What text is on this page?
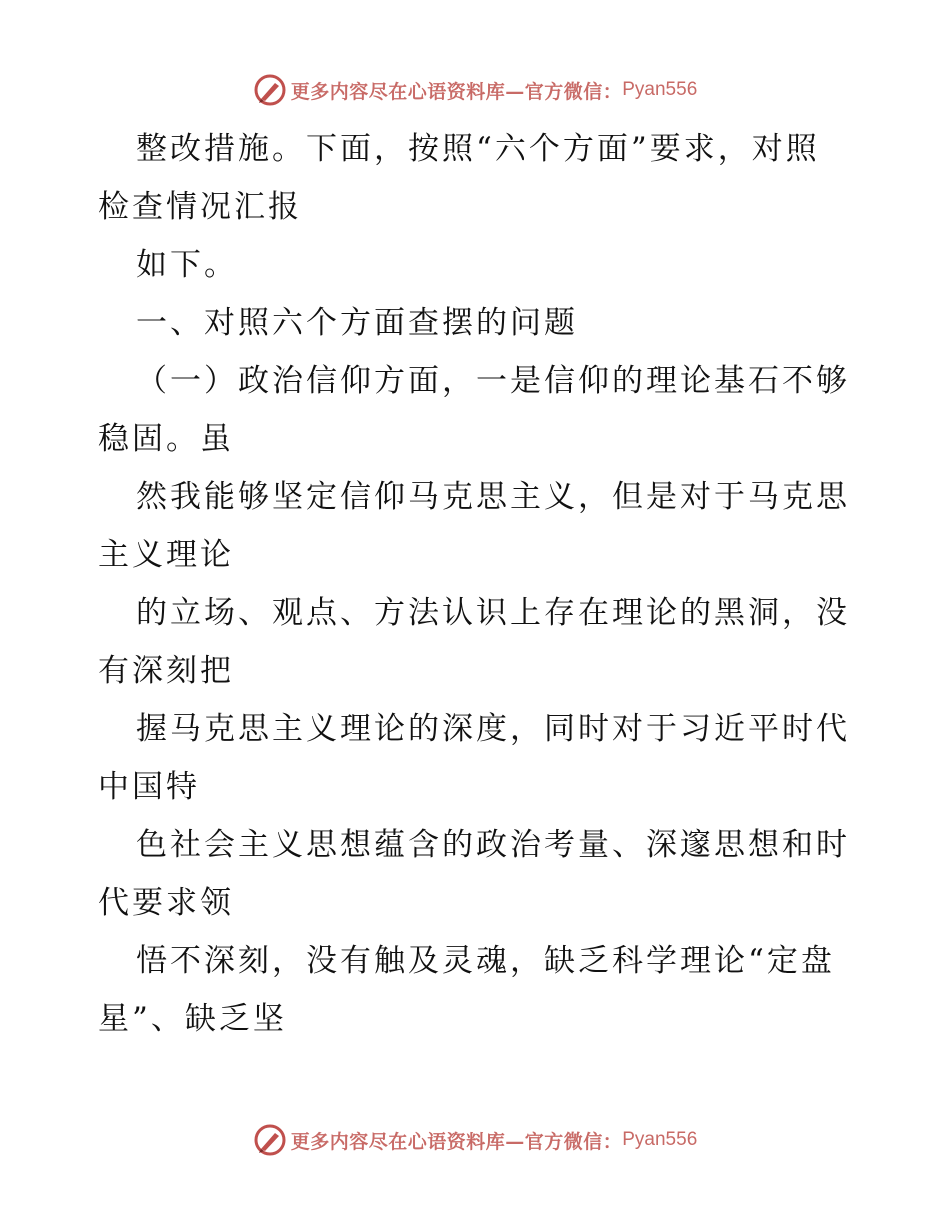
更多内容尽在心语资料库—官方微信： Pyan556
整改措施。下面，按照“六个方面”要求，对照
检查情况汇报
如下。
一、对照六个方面查摆的问题
（一）政治信仰方面，一是信仰的理论基石不够
稳固。虽
然我能够坚定信仰马克思主义，但是对于马克思
主义理论
的立场、观点、方法认识上存在理论的黑洞，没
有深刻把
握马克思主义理论的深度，同时对于习近平时代
中国特
色社会主义思想蕴含的政治考量、深邃思想和时
代要求领
悟不深刻，没有触及灵魂，缺乏科学理论“定盘
星”、缺乏坚
更多内容尽在心语资料库—官方微信： Pyan556
